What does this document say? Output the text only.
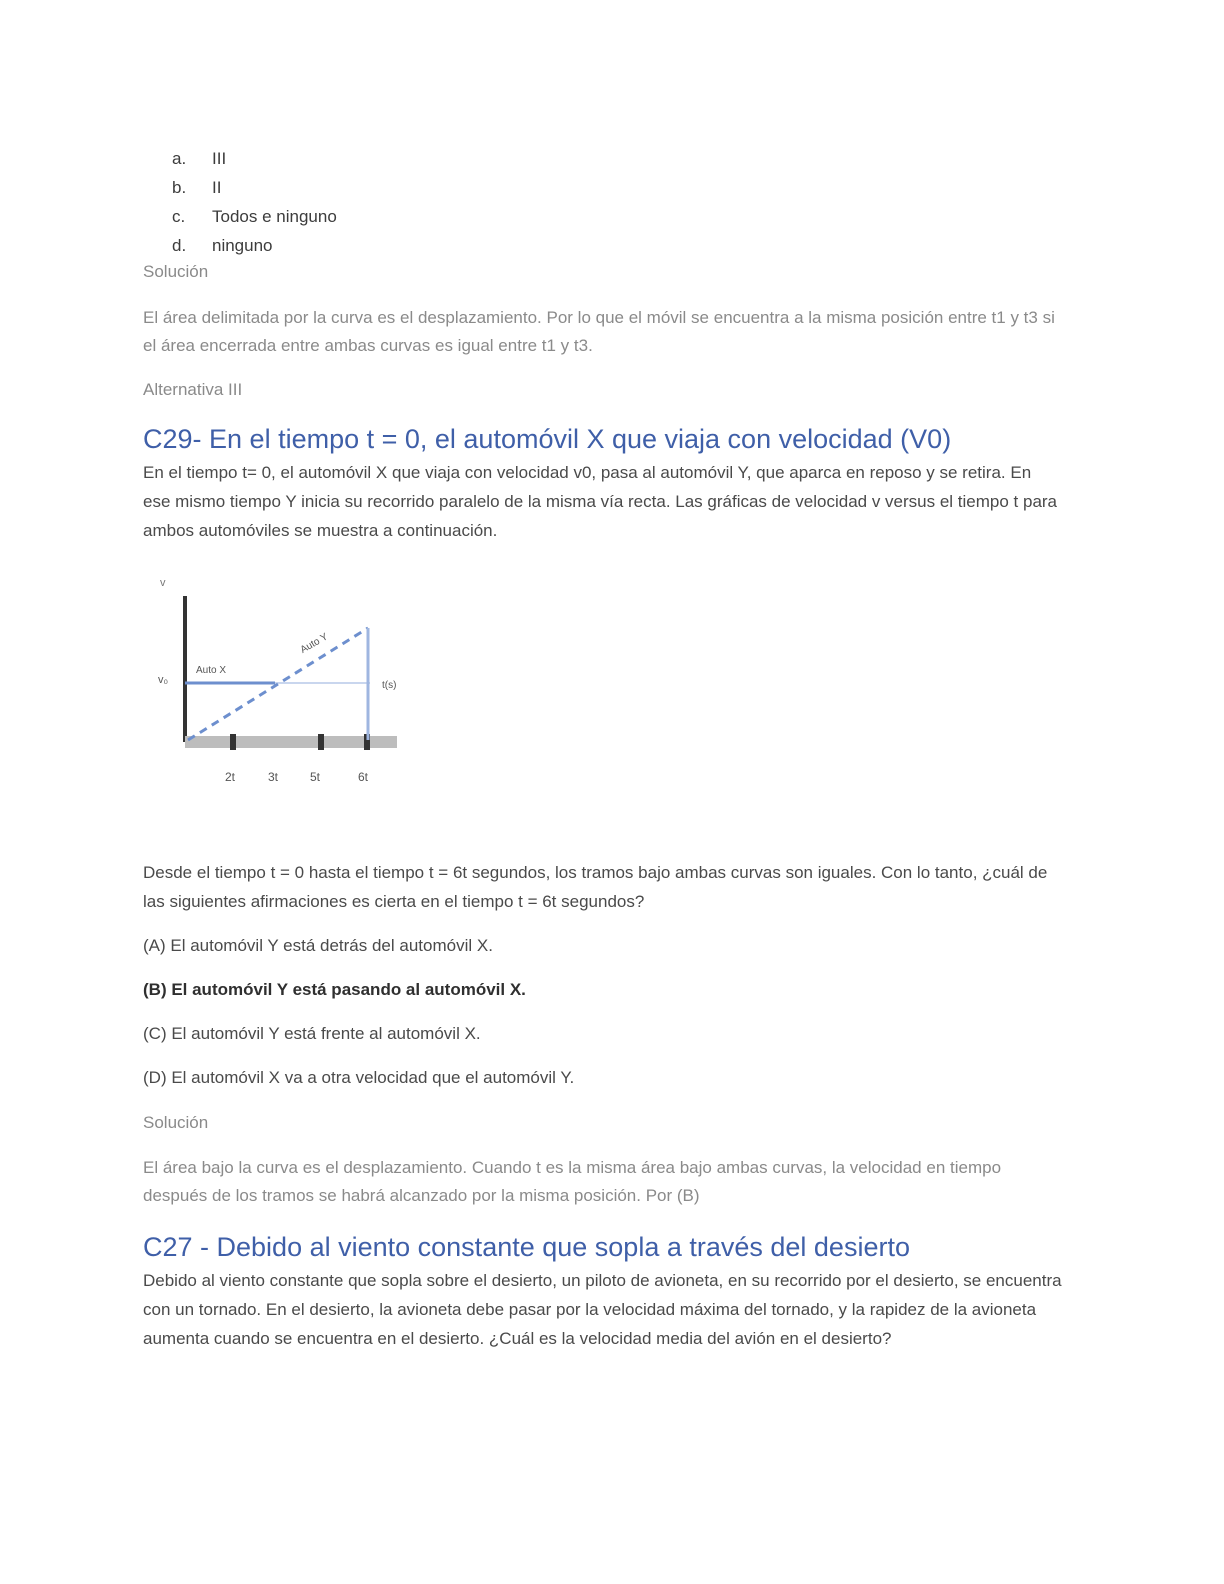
a.	III
b.	II
c.	Todos e ninguno
d.	ninguno
Solución
El área delimitada por la curva es el desplazamiento. Por lo que el móvil se encuentra a la misma posición entre t1 y t3 si el área encerrada entre ambas curvas es igual entre t1 y t3.
Alternativa III
C29- En el tiempo t = 0, el automóvil X que viaja con velocidad (V0)
En el tiempo t= 0, el automóvil X que viaja con velocidad v0, pasa al automóvil Y, que aparca en reposo y se retira. En ese mismo tiempo Y inicia su recorrido paralelo de la misma vía recta. Las gráficas de velocidad v versus el tiempo t para ambos automóviles se muestra a continuación.
v
v₀
Auto X
Auto Y
t(s)
2t	3t	5t	6t
Desde el tiempo t = 0 hasta el tiempo t = 6t segundos, los tramos bajo ambas curvas son iguales. Con lo tanto, ¿cuál de las siguientes afirmaciones es cierta en el tiempo t = 6t segundos?
(A) El automóvil Y está detrás del automóvil X.
(B) El automóvil Y está pasando al automóvil X.
(C) El automóvil Y está frente al automóvil X.
(D) El automóvil X va a otra velocidad que el automóvil Y.
Solución
El área bajo la curva es el desplazamiento. Cuando t es la misma área bajo ambas curvas, la velocidad en tiempo después de los tramos se habrá alcanzado por la misma posición. Por (B)
C27 - Debido al viento constante que sopla a través del desierto
Debido al viento constante que sopla sobre el desierto, un piloto de avioneta, en su recorrido por el desierto, se encuentra con un tornado. En el desierto, la avioneta debe pasar por la velocidad máxima del tornado, y la rapidez de la avioneta aumenta cuando se encuentra en el desierto. ¿Cuál es la velocidad media del avión en el desierto?
